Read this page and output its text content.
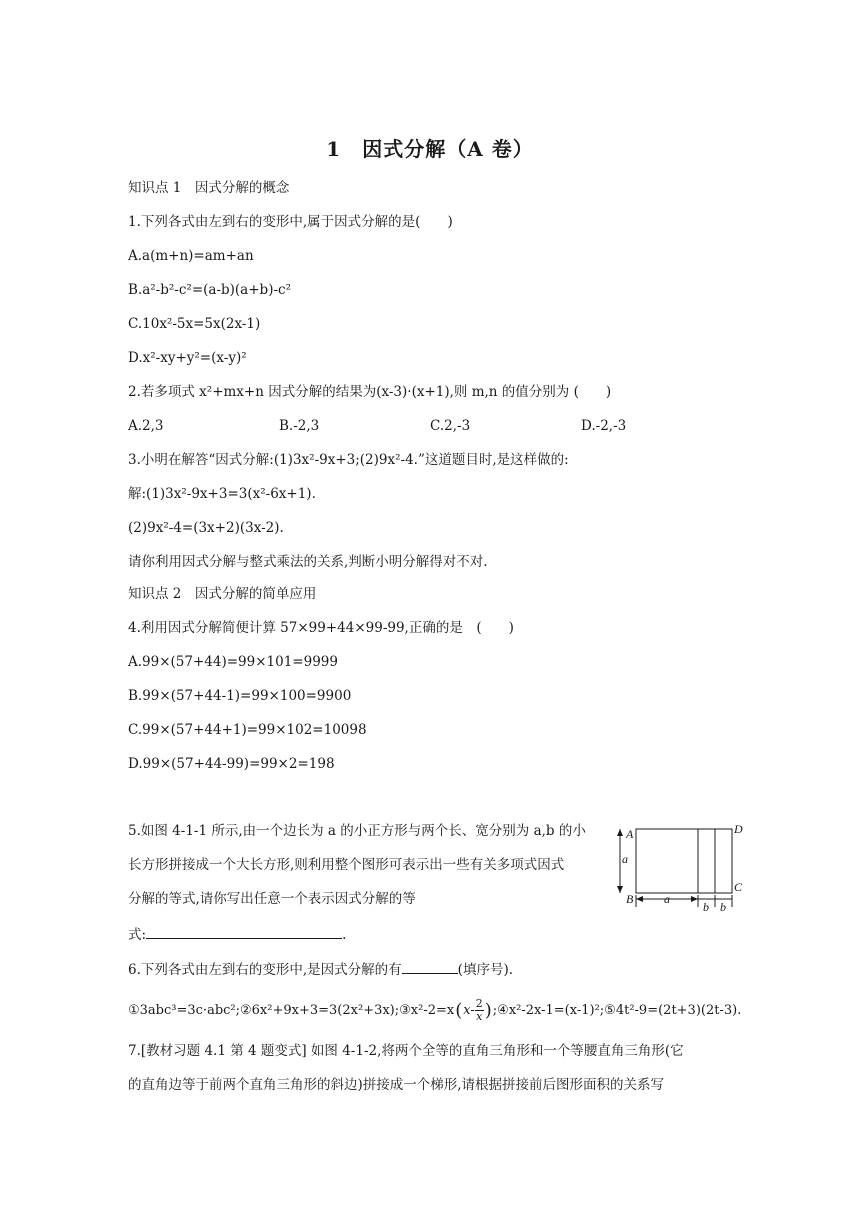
1　因式分解（A 卷）
知识点 1　因式分解的概念
1.下列各式由左到右的变形中,属于因式分解的是(　　)
A.a(m+n)=am+an
B.a²-b²-c²=(a-b)(a+b)-c²
C.10x²-5x=5x(2x-1)
D.x²-xy+y²=(x-y)²
2.若多项式 x²+mx+n 因式分解的结果为(x-3)·(x+1),则 m,n 的值分别为 (　　)
A.2,3	B.-2,3	C.2,-3	D.-2,-3
3.小明在解答“因式分解:(1)3x²-9x+3;(2)9x²-4.”这道题目时,是这样做的:
解:(1)3x²-9x+3=3(x²-6x+1).
(2)9x²-4=(3x+2)(3x-2).
请你利用因式分解与整式乘法的关系,判断小明分解得对不对.
知识点 2　因式分解的简单应用
4.利用因式分解简便计算 57×99+44×99-99,正确的是　(　　)
A.99×(57+44)=99×101=9999
B.99×(57+44-1)=99×100=9900
C.99×(57+44+1)=99×102=10098
D.99×(57+44-99)=99×2=198
5.如图 4-1-1 所示,由一个边长为 a 的小正方形与两个长、宽分别为 a,b 的小
长方形拼接成一个大长方形,则利用整个图形可表示出一些有关多项式因式
分解的等式,请你写出任意一个表示因式分解的等
式:	.
A
a
B
D
C
a
b b
6.下列各式由左到右的变形中,是因式分解的有	(填序号).
①3abc³=3c·abc²;②6x²+9x+3=3(2x²+3x);③x²-2=x(x- $\frac{2}{x}$ );④x²-2x-1=(x-1)²;⑤4t²-9=(2t+3)(2t-3).
7.[教材习题 4.1 第 4 题变式] 如图 4-1-2,将两个全等的直角三角形和一个等腰直角三角形(它
的直角边等于前两个直角三角形的斜边)拼接成一个梯形,请根据拼接前后图形面积的关系写
